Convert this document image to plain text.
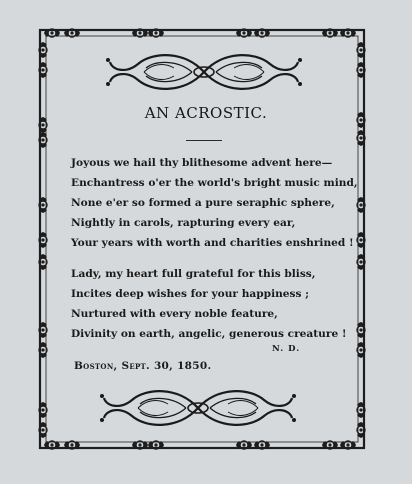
AN ACROSTIC.
Joyous we hail thy blithesome advent here—
Enchantress o'er the world's bright music mind,
None e'er so formed a pure seraphic sphere,
Nightly in carols, rapturing every ear,
Your years with worth and charities enshrined !
Lady, my heart full grateful for this bliss,
Incites deep wishes for your happiness ;
Nurtured with every noble feature,
Divinity on earth, angelic, generous creature !
N. D.
Boston, Sept. 30, 1850.
